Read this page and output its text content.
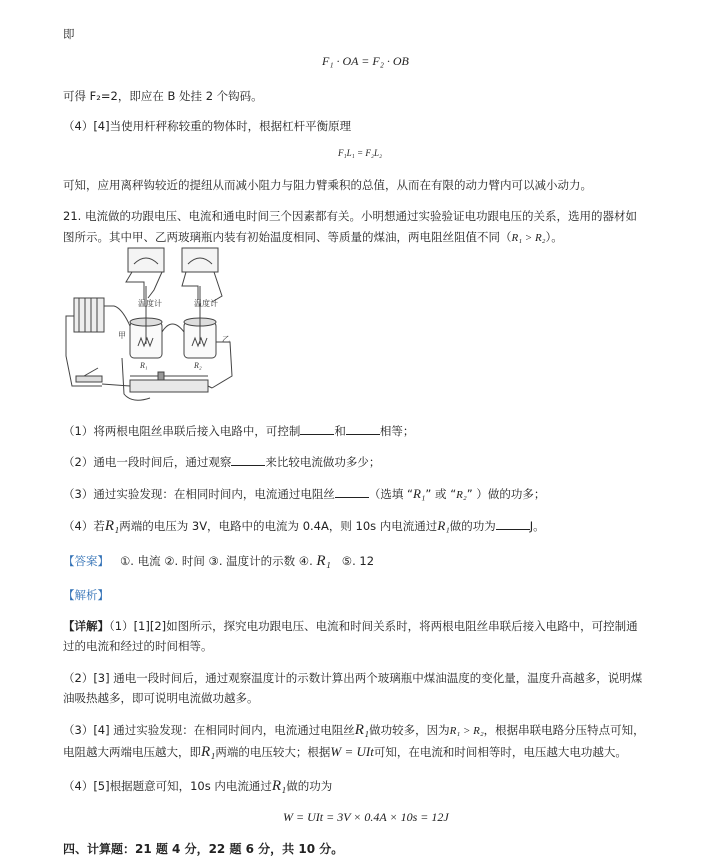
即
F₁ · OA = F₂ · OB
可得 F₂=2，即应在 B 处挂 2 个钩码。
（4）[4]当使用杆秤称较重的物体时，根据杠杆平衡原理
F₁L₁ = F₂L₂
可知，应用离秤钩较近的提纽从而减小阻力与阻力臂乘积的总值，从而在有限的动力臂内可以减小动力。
21. 电流做的功跟电压、电流和通电时间三个因素都有关。小明想通过实验验证电功跟电压的关系，选用的器材如
图所示。其中甲、乙两玻璃瓶内装有初始温度相同、等质量的煤油，两电阻丝阻值不同（R₁ > R₂）。
温度计	温度计
甲	乙
R₁	R₂
（1）将两根电阻丝串联后接入电路中，可控制	和	相等；
（2）通电一段时间后，通过观察	来比较电流做功多少；
（3）通过实验发现：在相同时间内，电流通过电阻丝	（选填 “R₁” 或 “R₂” ）做的功多；
（4）若R₁两端的电压为 3V，电路中的电流为 0.4A，则 10s 内电流通过R₁做的功为	J。
【答案】 ①. 电流 ②. 时间 ③. 温度计的示数 ④. R₁ ⑤. 12
【解析】
【详解】（1）[1][2]如图所示，探究电功跟电压、电流和时间关系时，将两根电阻丝串联后接入电路中，可控制通
过的电流和经过的时间相等。
（2）[3] 通电一段时间后，通过观察温度计的示数计算出两个玻璃瓶中煤油温度的变化量，温度升高越多，说明煤
油吸热越多，即可说明电流做功越多。
（3）[4] 通过实验发现：在相同时间内，电流通过电阻丝R₁做功较多，因为R₁ > R₂，根据串联电路分压特点可知，
电阻越大两端电压越大，即R₁两端的电压较大；根据W = UIt可知，在电流和时间相等时，电压越大电功越大。
（4）[5]根据题意可知，10s 内电流通过R₁做的功为
W = UIt = 3V × 0.4A × 10s = 12J
四、计算题：21 题 4 分，22 题 6 分，共 10 分。
